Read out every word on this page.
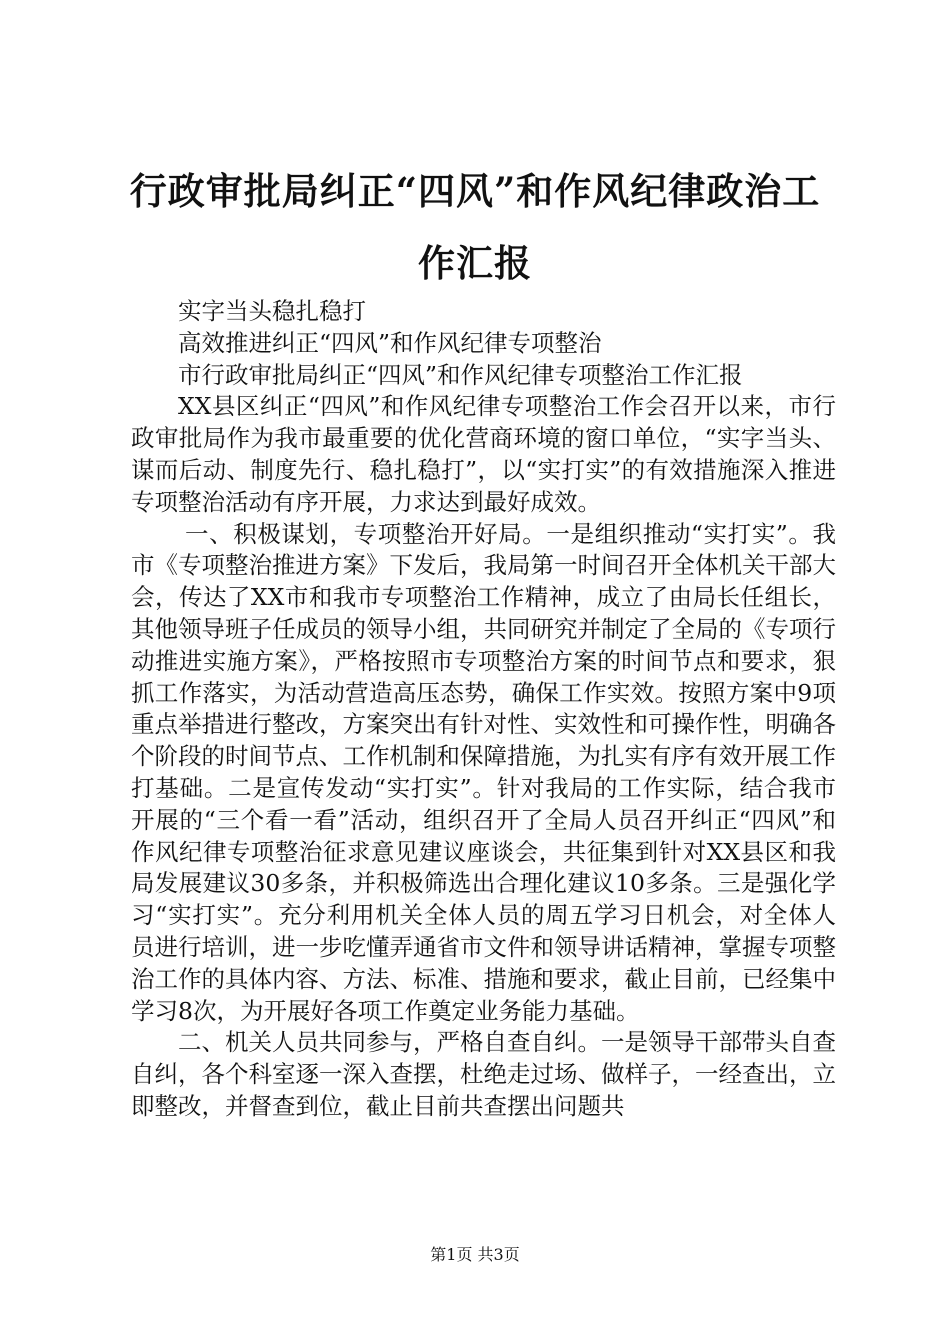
行政审批局纠正“四风”和作风纪律政治工作汇报

实字当头稳扎稳打

高效推进纠正“四风”和作风纪律专项整治

市行政审批局纠正“四风”和作风纪律专项整治工作汇报

XX县区纠正“四风”和作风纪律专项整治工作会召开以来，市行政审批局作为我市最重要的优化营商环境的窗口单位，“实字当头、谋而后动、制度先行、稳扎稳打”，以“实打实”的有效措施深入推进专项整治活动有序开展，力求达到最好成效。

一、积极谋划，专项整治开好局。一是组织推动“实打实”。我市《专项整治推进方案》下发后，我局第一时间召开全体机关干部大会，传达了XX市和我市专项整治工作精神，成立了由局长任组长，其他领导班子任成员的领导小组，共同研究并制定了全局的《专项行动推进实施方案》，严格按照市专项整治方案的时间节点和要求，狠抓工作落实，为活动营造高压态势，确保工作实效。按照方案中9项重点举措进行整改，方案突出有针对性、实效性和可操作性，明确各个阶段的时间节点、工作机制和保障措施，为扎实有序有效开展工作打基础。二是宣传发动“实打实”。针对我局的工作实际，结合我市开展的“三个看一看”活动，组织召开了全局人员召开纠正“四风”和作风纪律专项整治征求意见建议座谈会，共征集到针对XX县区和我局发展建议30多条，并积极筛选出合理化建议10多条。三是强化学习“实打实”。充分利用机关全体人员的周五学习日机会，对全体人员进行培训，进一步吃懂弄通省市文件和领导讲话精神，掌握专项整治工作的具体内容、方法、标准、措施和要求，截止目前，已经集中学习8次，为开展好各项工作奠定业务能力基础。

二、机关人员共同参与，严格自查自纠。一是领导干部带头自查自纠，各个科室逐一深入查摆，杜绝走过场、做样子，一经查出，立即整改，并督查到位，截止目前共查摆出问题共

第1页 共3页
